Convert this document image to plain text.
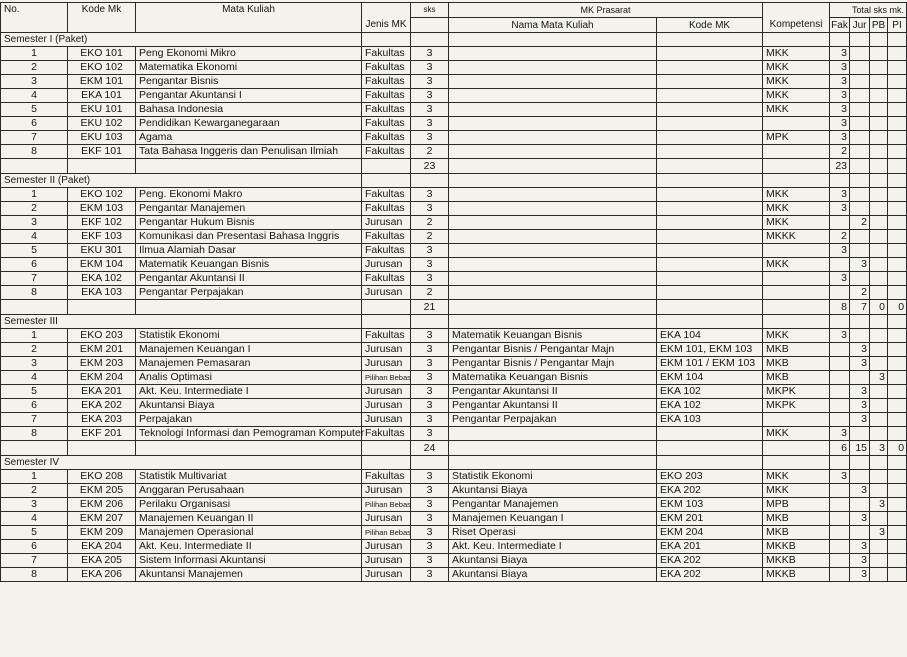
No.	Kode Mk	Mata Kuliah		sks	MK Prasarat			Total sks mk.			
			Jenis MK		Nama Mata Kuliah	Kode MK	Kompetensi	Fak	Jur	PB	PI
Semester I (Paket)											
1	EKO 101	Peng Ekonomi Mikro	Fakultas	3			MKK	3			
2	EKO 102	Matematika Ekonomi	Fakultas	3			MKK	3			
3	EKM 101	Pengantar Bisnis	Fakultas	3			MKK	3			
4	EKA 101	Pengantar Akuntansi I	Fakultas	3			MKK	3			
5	EKU 101	Bahasa Indonesia	Fakultas	3			MKK	3			
6	EKU 102	Pendidikan Kewarganegaraan	Fakultas	3				3			
7	EKU 103	Agama	Fakultas	3			MPK	3			
8	EKF 101	Tata Bahasa Inggeris dan Penulisan Ilmiah	Fakultas	2				2			
				23				23			
Semester II (Paket)											
1	EKO 102	Peng. Ekonomi Makro	Fakultas	3			MKK	3			
2	EKM 103	Pengantar Manajemen	Fakultas	3			MKK	3			
3	EKF 102	Pengantar Hukum Bisnis	Jurusan	2			MKK		2		
4	EKF 103	Komunikasi dan Presentasi Bahasa Inggris	Fakultas	2			MKKK	2			
5	EKU 301	Ilmua Alamiah Dasar	Fakultas	3				3			
6	EKM 104	Matematik Keuangan Bisnis	Jurusan	3			MKK		3		
7	EKA 102	Pengantar Akuntansi II	Fakultas	3				3			
8	EKA 103	Pengantar Perpajakan	Jurusan	2					2		
				21				8	7	0	0
Semester III											
1	EKO 203	Statistik Ekonomi	Fakultas	3	Matematik Keuangan Bisnis	EKA 104	MKK	3			
2	EKM 201	Manajemen Keuangan I	Jurusan	3	Pengantar Bisnis / Pengantar Majn	EKM 101, EKM 103	MKB		3		
3	EKM 203	Manajemen Pemasaran	Jurusan	3	Pengantar Bisnis / Pengantar Majn	EKM 101 / EKM 103	MKB		3		
4	EKM 204	Analis Optimasi	Pilihan Bebas	3	Matematika Keuangan Bisnis	EKM 104	MKB			3	
5	EKA 201	Akt. Keu. Intermediate I	Jurusan	3	Pengantar Akuntansi II	EKA 102	MKPK		3		
6	EKA 202	Akuntansi Biaya	Jurusan	3	Pengantar Akuntansi II	EKA 102	MKPK		3		
7	EKA 203	Perpajakan	Jurusan	3	Pengantar Perpajakan	EKA 103			3		
8	EKF 201	Teknologi Informasi dan Pemograman Komputer	Fakultas	3			MKK	3			
				24				6	15	3	0
Semester IV											
1	EKO 208	Statistik Multivariat	Fakultas	3	Statistik Ekonomi	EKO 203	MKK	3			
2	EKM 205	Anggaran Perusahaan	Jurusan	3	Akuntansi Biaya	EKA 202	MKK		3		
3	EKM 206	Perilaku Organisasi	Pilihan Bebas	3	Pengantar Manajemen	EKM 103	MPB			3	
4	EKM 207	Manajemen Keuangan II	Jurusan	3	Manajemen Keuangan I	EKM 201	MKB		3		
5	EKM 209	Manajemen Operasional	Pilihan Bebas	3	Riset Operasi	EKM 204	MKB			3	
6	EKA 204	Akt. Keu. Intermediate II	Jurusan	3	Akt. Keu. Intermediate I	EKA 201	MKKB		3		
7	EKA 205	Sistem Informasi Akuntansi	Jurusan	3	Akuntansi Biaya	EKA 202	MKKB		3		
8	EKA 206	Akuntansi Manajemen	Jurusan	3	Akuntansi Biaya	EKA 202	MKKB		3		
